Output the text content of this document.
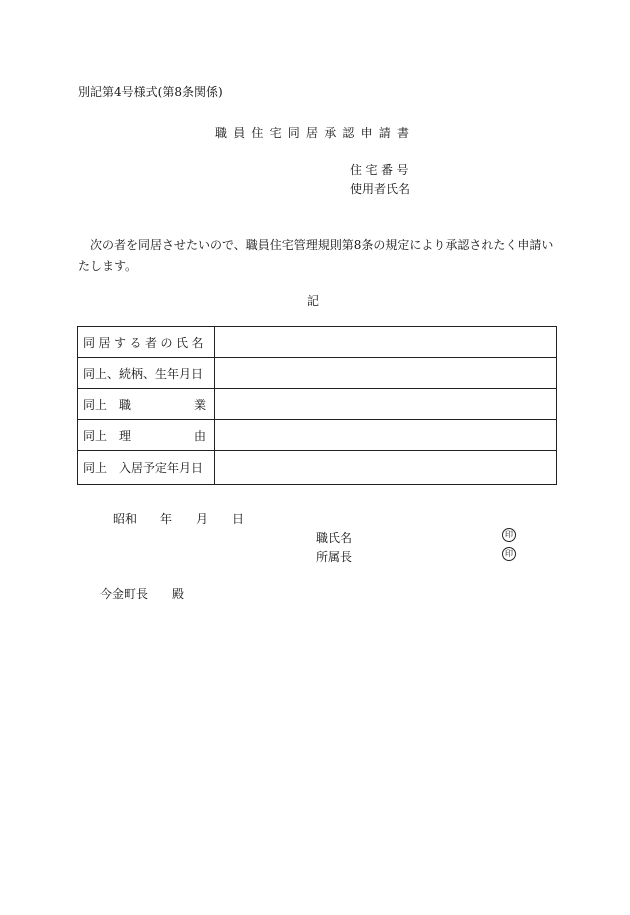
別記第4号様式(第8条関係)
職員住宅同居承認申請書
住宅番号
使用者氏名
次の者を同居させたいので、職員住宅管理規則第8条の規定により承認されたく申請いたします。
記
同居する者の氏名	
同上、続柄、生年月日	

同上　職 業	

同上　理 由	

同上　入居予定年月日	
昭和 年 月 日
職氏名	印
所属長	印
今金町長 殿
